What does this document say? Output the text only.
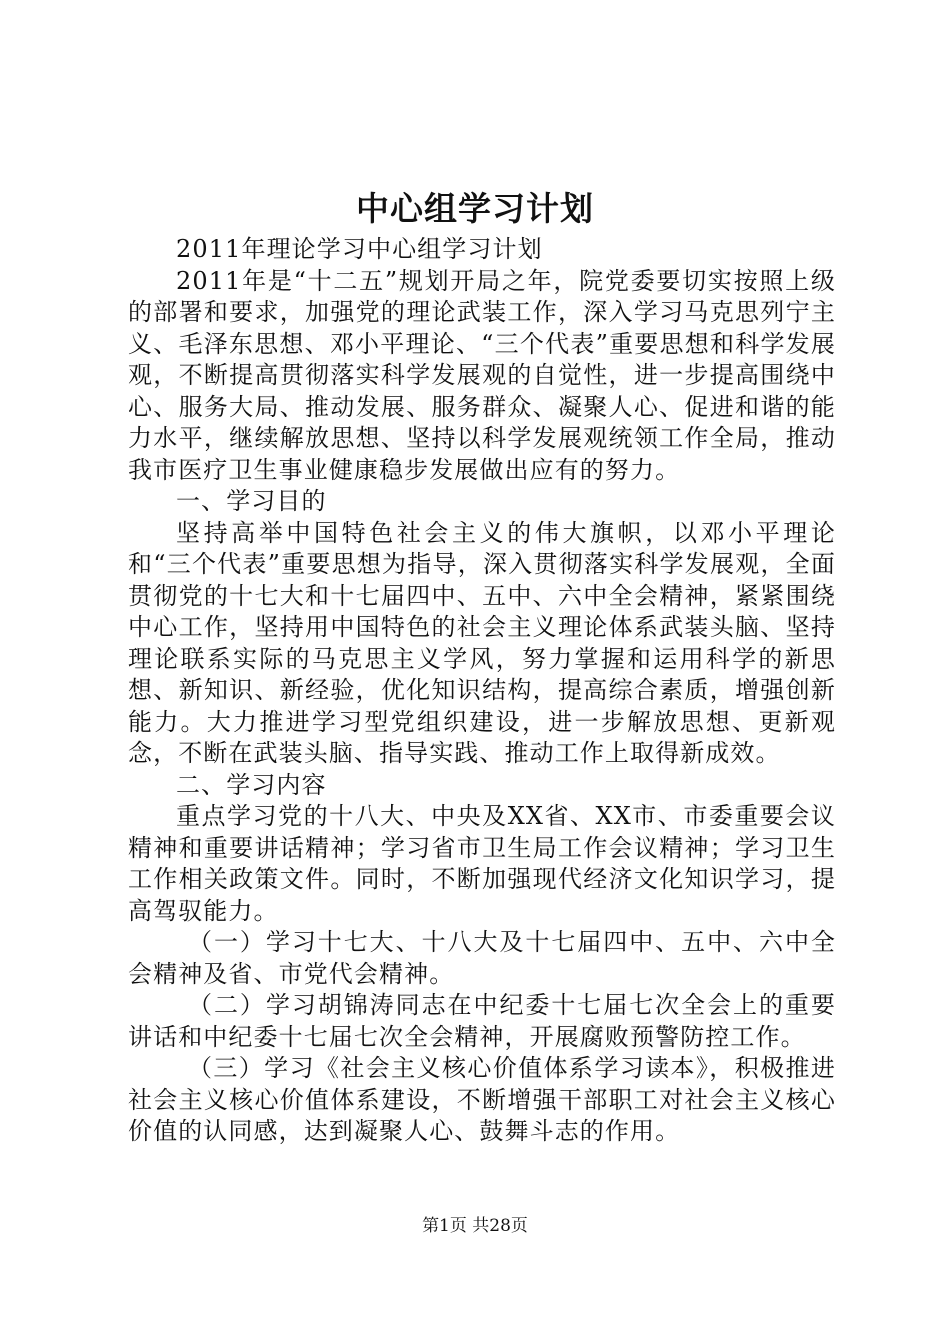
中心组学习计划

2011年理论学习中心组学习计划

2011年是“十二五”规划开局之年，院党委要切实按照上级的部署和要求，加强党的理论武装工作，深入学习马克思列宁主义、毛泽东思想、邓小平理论、“三个代表”重要思想和科学发展观，不断提高贯彻落实科学发展观的自觉性，进一步提高围绕中心、服务大局、推动发展、服务群众、凝聚人心、促进和谐的能力水平，继续解放思想、坚持以科学发展观统领工作全局，推动我市医疗卫生事业健康稳步发展做出应有的努力。

一、学习目的

坚持高举中国特色社会主义的伟大旗帜，以邓小平理论和“三个代表”重要思想为指导，深入贯彻落实科学发展观，全面贯彻党的十七大和十七届四中、五中、六中全会精神，紧紧围绕中心工作，坚持用中国特色的社会主义理论体系武装头脑、坚持理论联系实际的马克思主义学风，努力掌握和运用科学的新思想、新知识、新经验，优化知识结构，提高综合素质，增强创新能力。大力推进学习型党组织建设，进一步解放思想、更新观念，不断在武装头脑、指导实践、推动工作上取得新成效。

二、学习内容

重点学习党的十八大、中央及XX省、XX市、市委重要会议精神和重要讲话精神；学习省市卫生局工作会议精神；学习卫生工作相关政策文件。同时，不断加强现代经济文化知识学习，提高驾驭能力。

（一）学习十七大、十八大及十七届四中、五中、六中全会精神及省、市党代会精神。

（二）学习胡锦涛同志在中纪委十七届七次全会上的重要讲话和中纪委十七届七次全会精神，开展腐败预警防控工作。

（三）学习《社会主义核心价值体系学习读本》，积极推进社会主义核心价值体系建设，不断增强干部职工对社会主义核心价值的认同感，达到凝聚人心、鼓舞斗志的作用。

第1页 共28页
